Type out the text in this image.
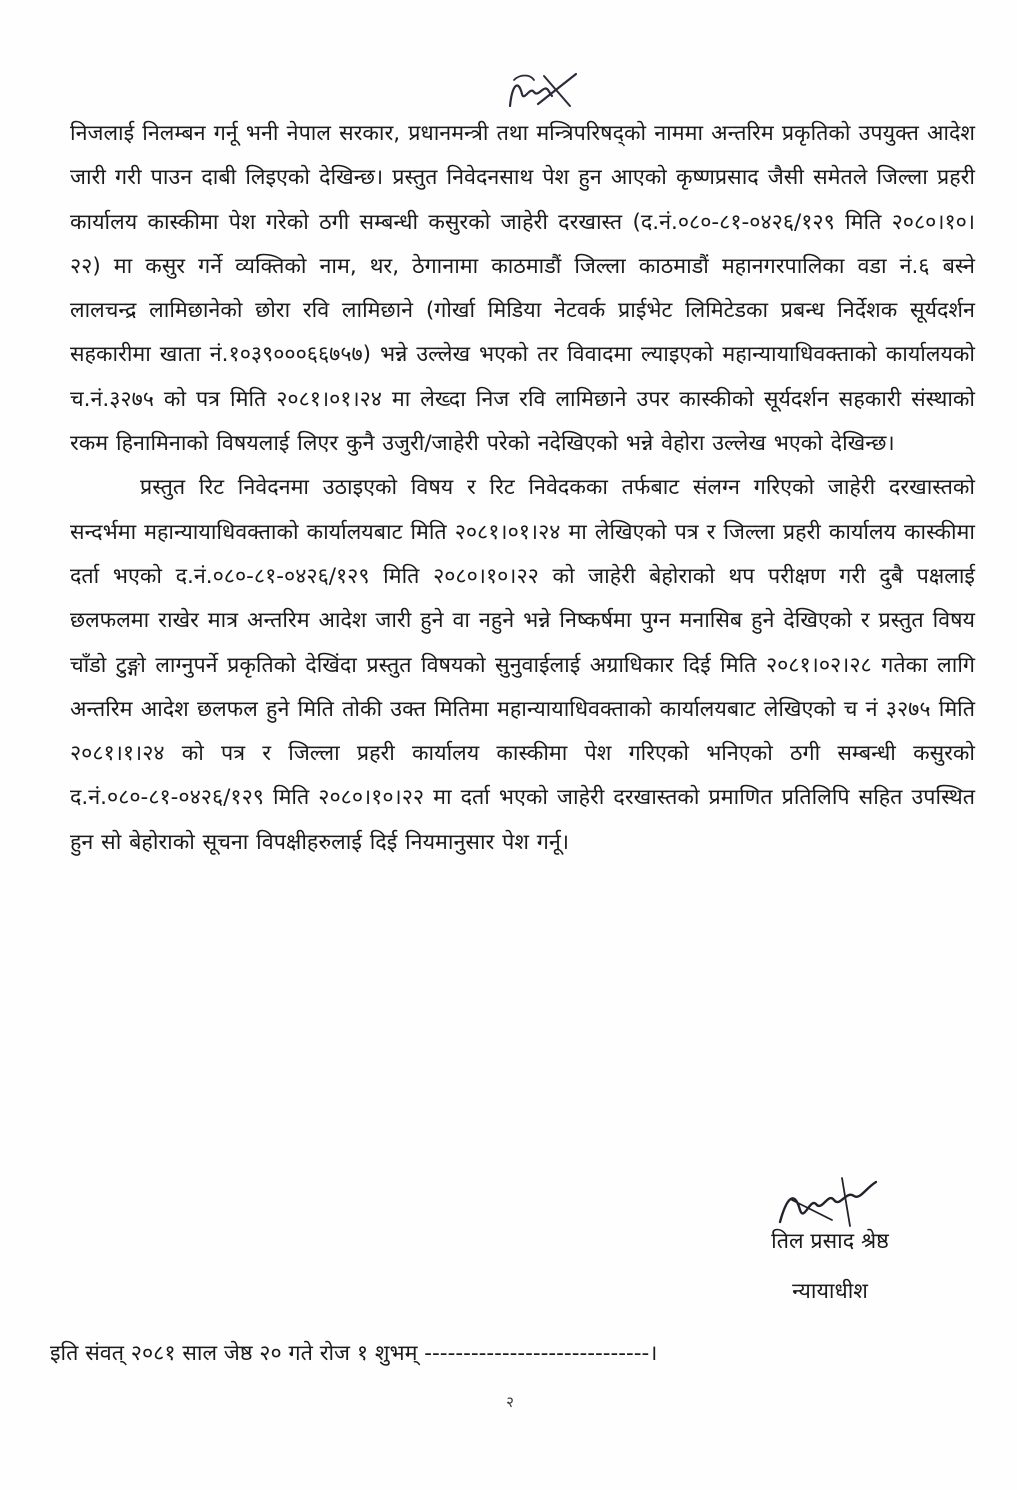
निजलाई निलम्बन गर्नू भनी नेपाल सरकार, प्रधानमन्त्री तथा मन्त्रिपरिषद्को नाममा अन्तरिम प्रकृतिको उपयुक्त आदेश जारी गरी पाउन दाबी लिइएको देखिन्छ। प्रस्तुत निवेदनसाथ पेश हुन आएको कृष्णप्रसाद जैसी समेतले जिल्ला प्रहरी कार्यालय कास्कीमा पेश गरेको ठगी सम्बन्धी कसुरको जाहेरी दरखास्त (द.नं.०८०-८१-०४२६/१२९ मिति २०८०।१०।२२) मा कसुर गर्ने व्यक्तिको नाम, थर, ठेगानामा काठमाडौं जिल्ला काठमाडौं महानगरपालिका वडा नं.६ बस्ने लालचन्द्र लामिछानेको छोरा रवि लामिछाने (गोर्खा मिडिया नेटवर्क प्राईभेट लिमिटेडका प्रबन्ध निर्देशक सूर्यदर्शन सहकारीमा खाता नं.१०३९०००६६७५७) भन्ने उल्लेख भएको तर विवादमा ल्याइएको महान्यायाधिवक्ताको कार्यालयको च.नं.३२७५ को पत्र मिति २०८१।०१।२४ मा लेख्दा निज रवि लामिछाने उपर कास्कीको सूर्यदर्शन सहकारी संस्थाको रकम हिनामिनाको विषयलाई लिएर कुनै उजुरी/जाहेरी परेको नदेखिएको भन्ने वेहोरा उल्लेख भएको देखिन्छ।

प्रस्तुत रिट निवेदनमा उठाइएको विषय र रिट निवेदकका तर्फबाट संलग्न गरिएको जाहेरी दरखास्तको सन्दर्भमा महान्यायाधिवक्ताको कार्यालयबाट मिति २०८१।०१।२४ मा लेखिएको पत्र र जिल्ला प्रहरी कार्यालय कास्कीमा दर्ता भएको द.नं.०८०-८१-०४२६/१२९ मिति २०८०।१०।२२ को जाहेरी बेहोराको थप परीक्षण गरी दुबै पक्षलाई छलफलमा राखेर मात्र अन्तरिम आदेश जारी हुने वा नहुने भन्ने निष्कर्षमा पुग्न मनासिब हुने देखिएको र प्रस्तुत विषय चाँडो टुङ्गो लाग्नुपर्ने प्रकृतिको देखिंदा प्रस्तुत विषयको सुनुवाईलाई अग्राधिकार दिई मिति २०८१।०२।२८ गतेका लागि अन्तरिम आदेश छलफल हुने मिति तोकी उक्त मितिमा महान्यायाधिवक्ताको कार्यालयबाट लेखिएको च नं ३२७५ मिति २०८१।१।२४ को पत्र र जिल्ला प्रहरी कार्यालय कास्कीमा पेश गरिएको भनिएको ठगी सम्बन्धी कसुरको द.नं.०८०-८१-०४२६/१२९ मिति २०८०।१०।२२ मा दर्ता भएको जाहेरी दरखास्तको प्रमाणित प्रतिलिपि सहित उपस्थित हुन सो बेहोराको सूचना विपक्षीहरुलाई दिई नियमानुसार पेश गर्नू।

तिल प्रसाद श्रेष्ठ
न्यायाधीश
इति संवत् २०८१ साल जेष्ठ २० गते रोज १ शुभम् -----------------------------।
२
